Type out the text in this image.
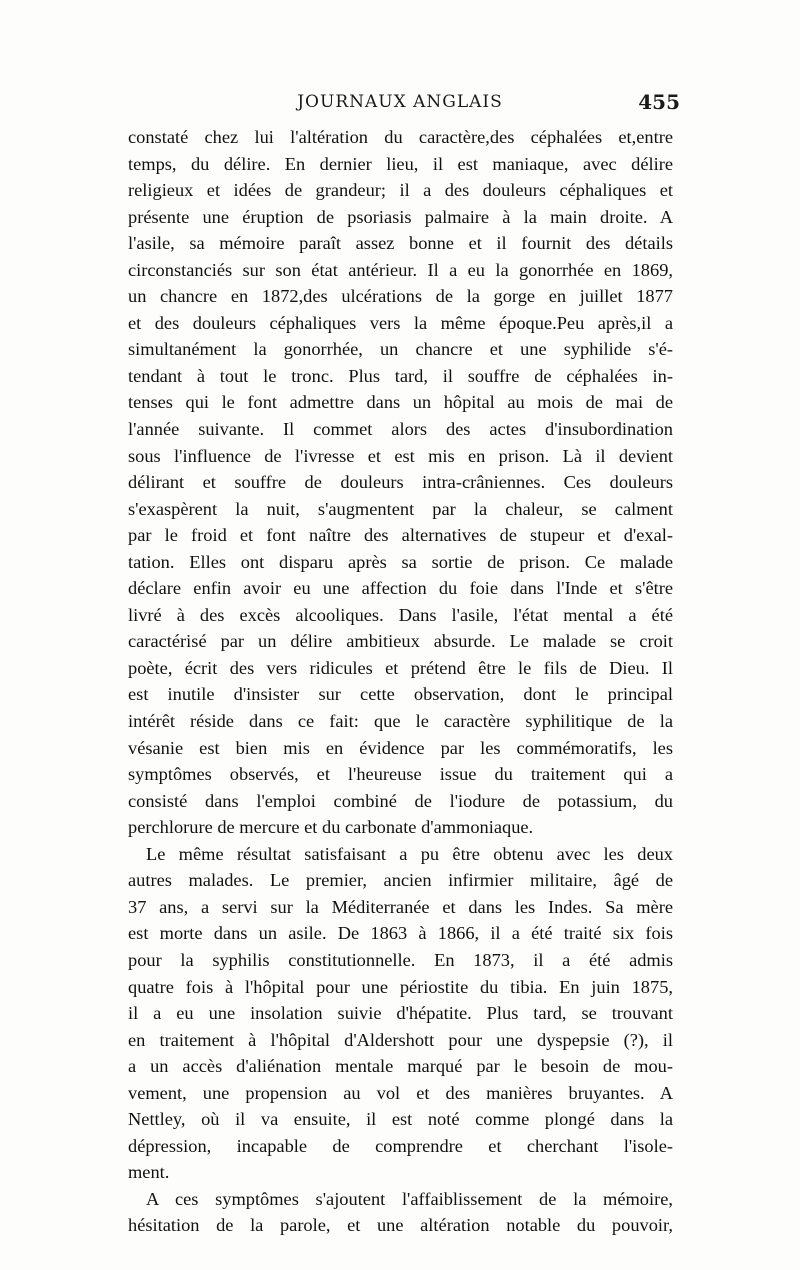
JOURNAUX ANGLAIS	455
constaté chez lui l'altération du caractère,des céphalées et,entre
temps, du délire. En dernier lieu, il est maniaque, avec délire
religieux et idées de grandeur; il a des douleurs céphaliques et
présente une éruption de psoriasis palmaire à la main droite. A
l'asile, sa mémoire paraît assez bonne et il fournit des détails
circonstanciés sur son état antérieur. Il a eu la gonorrhée en 1869,
un chancre en 1872,des ulcérations de la gorge en juillet 1877
et des douleurs céphaliques vers la même époque.Peu après,il a
simultanément la gonorrhée, un chancre et une syphilide s'é-
tendant à tout le tronc. Plus tard, il souffre de céphalées in-
tenses qui le font admettre dans un hôpital au mois de mai de
l'année suivante. Il commet alors des actes d'insubordination
sous l'influence de l'ivresse et est mis en prison. Là il devient
délirant et souffre de douleurs intra-crâniennes. Ces douleurs
s'exaspèrent la nuit, s'augmentent par la chaleur, se calment
par le froid et font naître des alternatives de stupeur et d'exal-
tation. Elles ont disparu après sa sortie de prison. Ce malade
déclare enfin avoir eu une affection du foie dans l'Inde et s'être
livré à des excès alcooliques. Dans l'asile, l'état mental a été
caractérisé par un délire ambitieux absurde. Le malade se croit
poète, écrit des vers ridicules et prétend être le fils de Dieu. Il
est inutile d'insister sur cette observation, dont le principal
intérêt réside dans ce fait: que le caractère syphilitique de la
vésanie est bien mis en évidence par les commémoratifs, les
symptômes observés, et l'heureuse issue du traitement qui a
consisté dans l'emploi combiné de l'iodure de potassium, du
perchlorure de mercure et du carbonate d'ammoniaque.
Le même résultat satisfaisant a pu être obtenu avec les deux
autres malades. Le premier, ancien infirmier militaire, âgé de
37 ans, a servi sur la Méditerranée et dans les Indes. Sa mère
est morte dans un asile. De 1863 à 1866, il a été traité six fois
pour la syphilis constitutionnelle. En 1873, il a été admis
quatre fois à l'hôpital pour une périostite du tibia. En juin 1875,
il a eu une insolation suivie d'hépatite. Plus tard, se trouvant
en traitement à l'hôpital d'Aldershott pour une dyspepsie (?), il
a un accès d'aliénation mentale marqué par le besoin de mou-
vement, une propension au vol et des manières bruyantes. A
Nettley, où il va ensuite, il est noté comme plongé dans la
dépression, incapable de comprendre et cherchant l'isole-
ment.
A ces symptômes s'ajoutent l'affaiblissement de la mémoire,
hésitation de la parole, et une altération notable du pouvoir,
